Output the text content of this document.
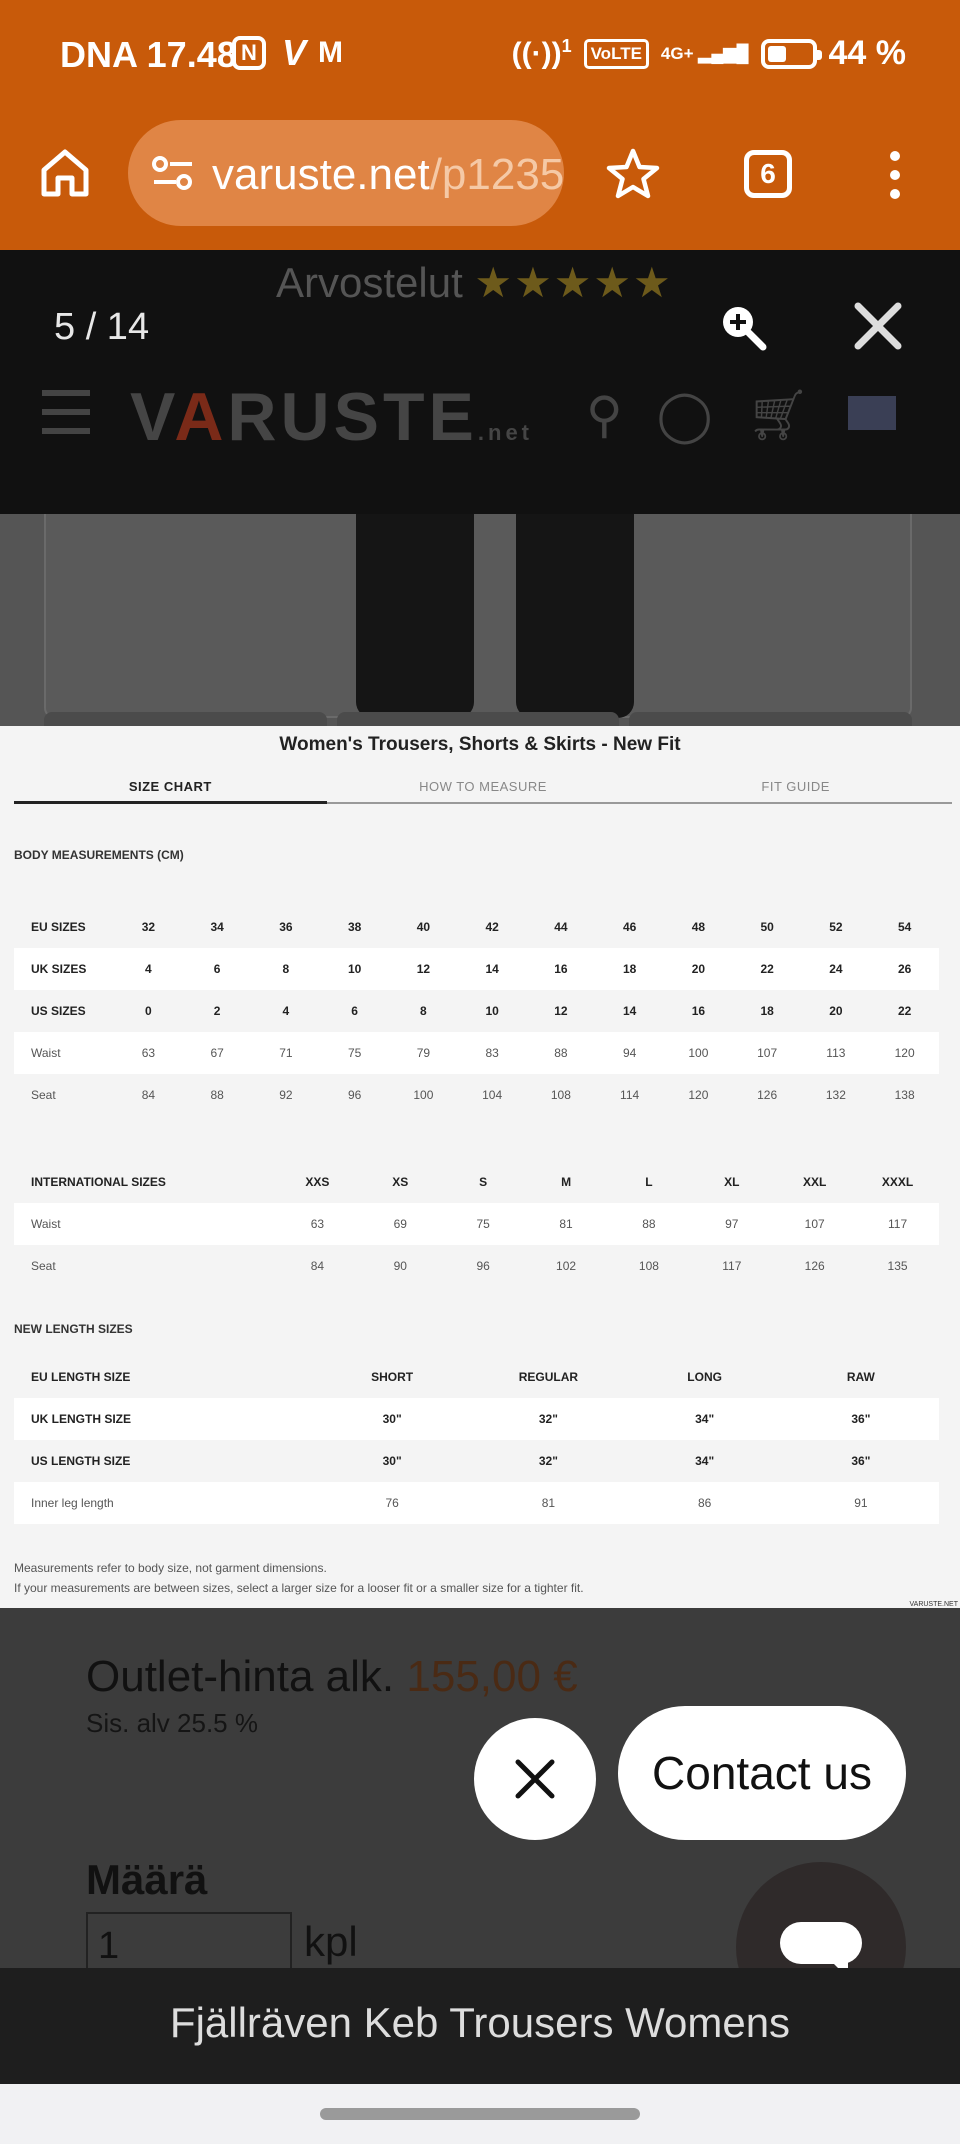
DNA 17.48 N V M	((·))$^1$	VoLTE	4G+ ▂▄▆█ 44 %
varuste.net/p1235	6
Arvostelut ★★★★★
VARUSTE.net ⚲ ◯ 🛒︎
5 / 14
Women's Trousers, Shorts & Skirts - New Fit
SIZE CHART	HOW TO MEASURE	FIT GUIDE
BODY MEASUREMENTS (CM)
EU SIZES	32	34	36	38	40	42	44	46	48	50	52	54
UK SIZES	4	6	8	10	12	14	16	18	20	22	24	26
US SIZES	0	2	4	6	8	10	12	14	16	18	20	22
Waist	63	67	71	75	79	83	88	94	100	107	113	120
Seat	84	88	92	96	100	104	108	114	120	126	132	138
INTERNATIONAL SIZES	XXS	XS	S	M	L	XL	XXL	XXXL
Waist	63	69	75	81	88	97	107	117
Seat	84	90	96	102	108	117	126	135
NEW LENGTH SIZES
EU LENGTH SIZE	SHORT	REGULAR	LONG	RAW
UK LENGTH SIZE	30"	32"	34"	36"
US LENGTH SIZE	30"	32"	34"	36"
Inner leg length	76	81	86	91
Measurements refer to body size, not garment dimensions.
If your measurements are between sizes, select a larger size for a looser fit or a smaller size for a tighter fit.
VARUSTE.NET
Outlet-hinta alk. 155,00 €
Sis. alv 25.5 %
Määrä
1	kpl
Contact us
Fjällräven Keb Trousers Womens
